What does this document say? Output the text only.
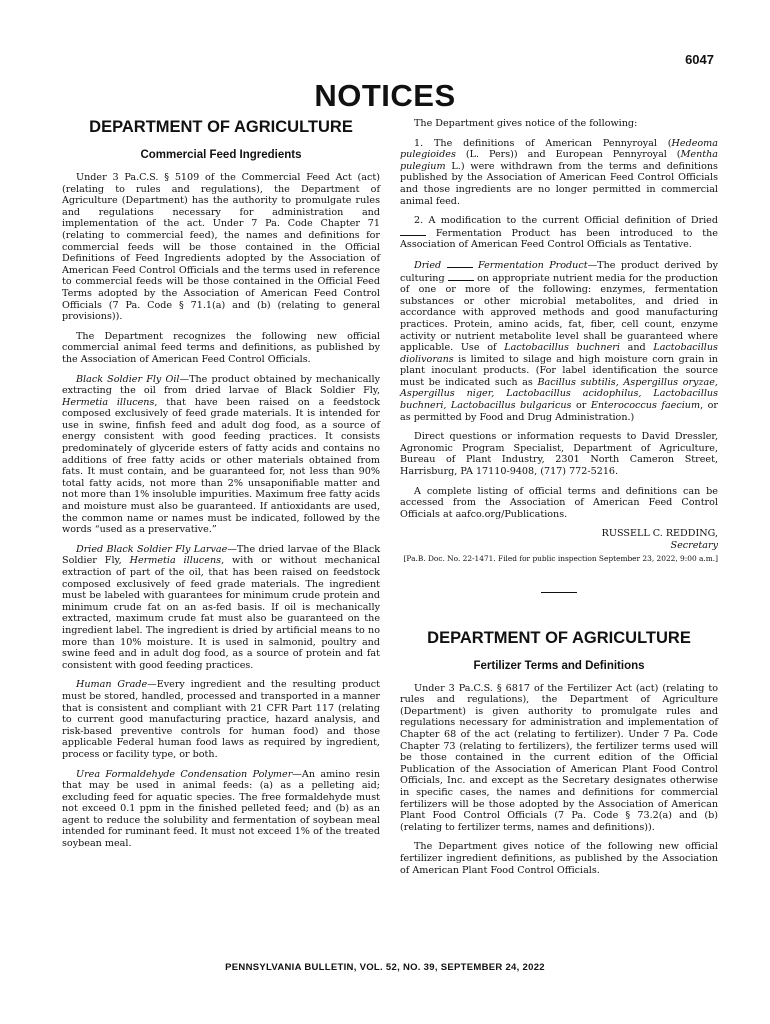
6047
NOTICES
DEPARTMENT OF AGRICULTURE
Commercial Feed Ingredients

Under 3 Pa.C.S. § 5109 of the Commercial Feed Act (act) (relating to rules and regulations), the Department of Agriculture (Department) has the authority to promulgate rules and regulations necessary for administration and implementation of the act. Under 7 Pa. Code Chapter 71 (relating to commercial feed), the names and definitions for commercial feeds will be those contained in the Official Definitions of Feed Ingredients adopted by the Association of American Feed Control Officials and the terms used in reference to commercial feeds will be those contained in the Official Feed Terms adopted by the Association of American Feed Control Officials (7 Pa. Code § 71.1(a) and (b) (relating to general provisions)).

The Department recognizes the following new official commercial animal feed terms and definitions, as published by the Association of American Feed Control Officials.

Black Soldier Fly Oil—The product obtained by mechanically extracting the oil from dried larvae of Black Soldier Fly, Hermetia illucens, that have been raised on a feedstock composed exclusively of feed grade materials. It is intended for use in swine, finfish feed and adult dog food, as a source of energy consistent with good feeding practices. It consists predominately of glyceride esters of fatty acids and contains no additions of free fatty acids or other materials obtained from fats. It must contain, and be guaranteed for, not less than 90% total fatty acids, not more than 2% unsaponifiable matter and not more than 1% insoluble impurities. Maximum free fatty acids and moisture must also be guaranteed. If antioxidants are used, the common name or names must be indicated, followed by the words “used as a preservative.”

Dried Black Soldier Fly Larvae—The dried larvae of the Black Soldier Fly, Hermetia illucens, with or without mechanical extraction of part of the oil, that has been raised on feedstock composed exclusively of feed grade materials. The ingredient must be labeled with guarantees for minimum crude protein and minimum crude fat on an as-fed basis. If oil is mechanically extracted, maximum crude fat must also be guaranteed on the ingredient label. The ingredient is dried by artificial means to no more than 10% moisture. It is used in salmonid, poultry and swine feed and in adult dog food, as a source of protein and fat consistent with good feeding practices.

Human Grade—Every ingredient and the resulting product must be stored, handled, processed and transported in a manner that is consistent and compliant with 21 CFR Part 117 (relating to current good manufacturing practice, hazard analysis, and risk-based preventive controls for human food) and those applicable Federal human food laws as required by ingredient, process or facility type, or both.

Urea Formaldehyde Condensation Polymer—An amino resin that may be used in animal feeds: (a) as a pelleting aid; excluding feed for aquatic species. The free formaldehyde must not exceed 0.1 ppm in the finished pelleted feed; and (b) as an agent to reduce the solubility and fermentation of soybean meal intended for ruminant feed. It must not exceed 1% of the treated soybean meal.

The Department gives notice of the following:

1. The definitions of American Pennyroyal (Hedeoma pulegioides (L. Pers)) and European Pennyroyal (Mentha pulegium L.) were withdrawn from the terms and definitions published by the Association of American Feed Control Officials and those ingredients are no longer permitted in commercial animal feed.

2. A modification to the current Official definition of Dried  Fermentation Product has been introduced to the Association of American Feed Control Officials as Tentative.

Dried	Fermentation Product—The product derived by culturing	on appropriate nutrient media for the production of one or more of the following: enzymes, fermentation substances or other microbial metabolites, and dried in accordance with approved methods and good manufacturing practices. Protein, amino acids, fat, fiber, cell count, enzyme activity or nutrient metabolite level shall be guaranteed where applicable. Use of Lactobacillus buchneri and Lactobacillus diolivorans is limited to silage and high moisture corn grain in plant inoculant products. (For label identification the source must be indicated such as Bacillus subtilis, Aspergillus oryzae, Aspergillus niger, Lactobacillus acidophilus, Lactobacillus buchneri, Lactobacillus bulgaricus or Enterococcus faecium, or as permitted by Food and Drug Administration.)

Direct questions or information requests to David Dressler, Agronomic Program Specialist, Department of Agriculture, Bureau of Plant Industry, 2301 North Cameron Street, Harrisburg, PA 17110-9408, (717) 772-5216.

A complete listing of official terms and definitions can be accessed from the Association of American Feed Control Officials at aafco.org/Publications.

RUSSELL C. REDDING,
Secretary
[Pa.B. Doc. No. 22-1471. Filed for public inspection September 23, 2022, 9:00 a.m.]
DEPARTMENT OF AGRICULTURE
Fertilizer Terms and Definitions

Under 3 Pa.C.S. § 6817 of the Fertilizer Act (act) (relating to rules and regulations), the Department of Agriculture (Department) is given authority to promulgate rules and regulations necessary for administration and implementation of Chapter 68 of the act (relating to fertilizer). Under 7 Pa. Code Chapter 73 (relating to fertilizers), the fertilizer terms used will be those contained in the current edition of the Official Publication of the Association of American Plant Food Control Officials, Inc. and except as the Secretary designates otherwise in specific cases, the names and definitions for commercial fertilizers will be those adopted by the Association of American Plant Food Control Officials (7 Pa. Code § 73.2(a) and (b) (relating to fertilizer terms, names and definitions)).

The Department gives notice of the following new official fertilizer ingredient definitions, as published by the Association of American Plant Food Control Officials.

PENNSYLVANIA BULLETIN, VOL. 52, NO. 39, SEPTEMBER 24, 2022
